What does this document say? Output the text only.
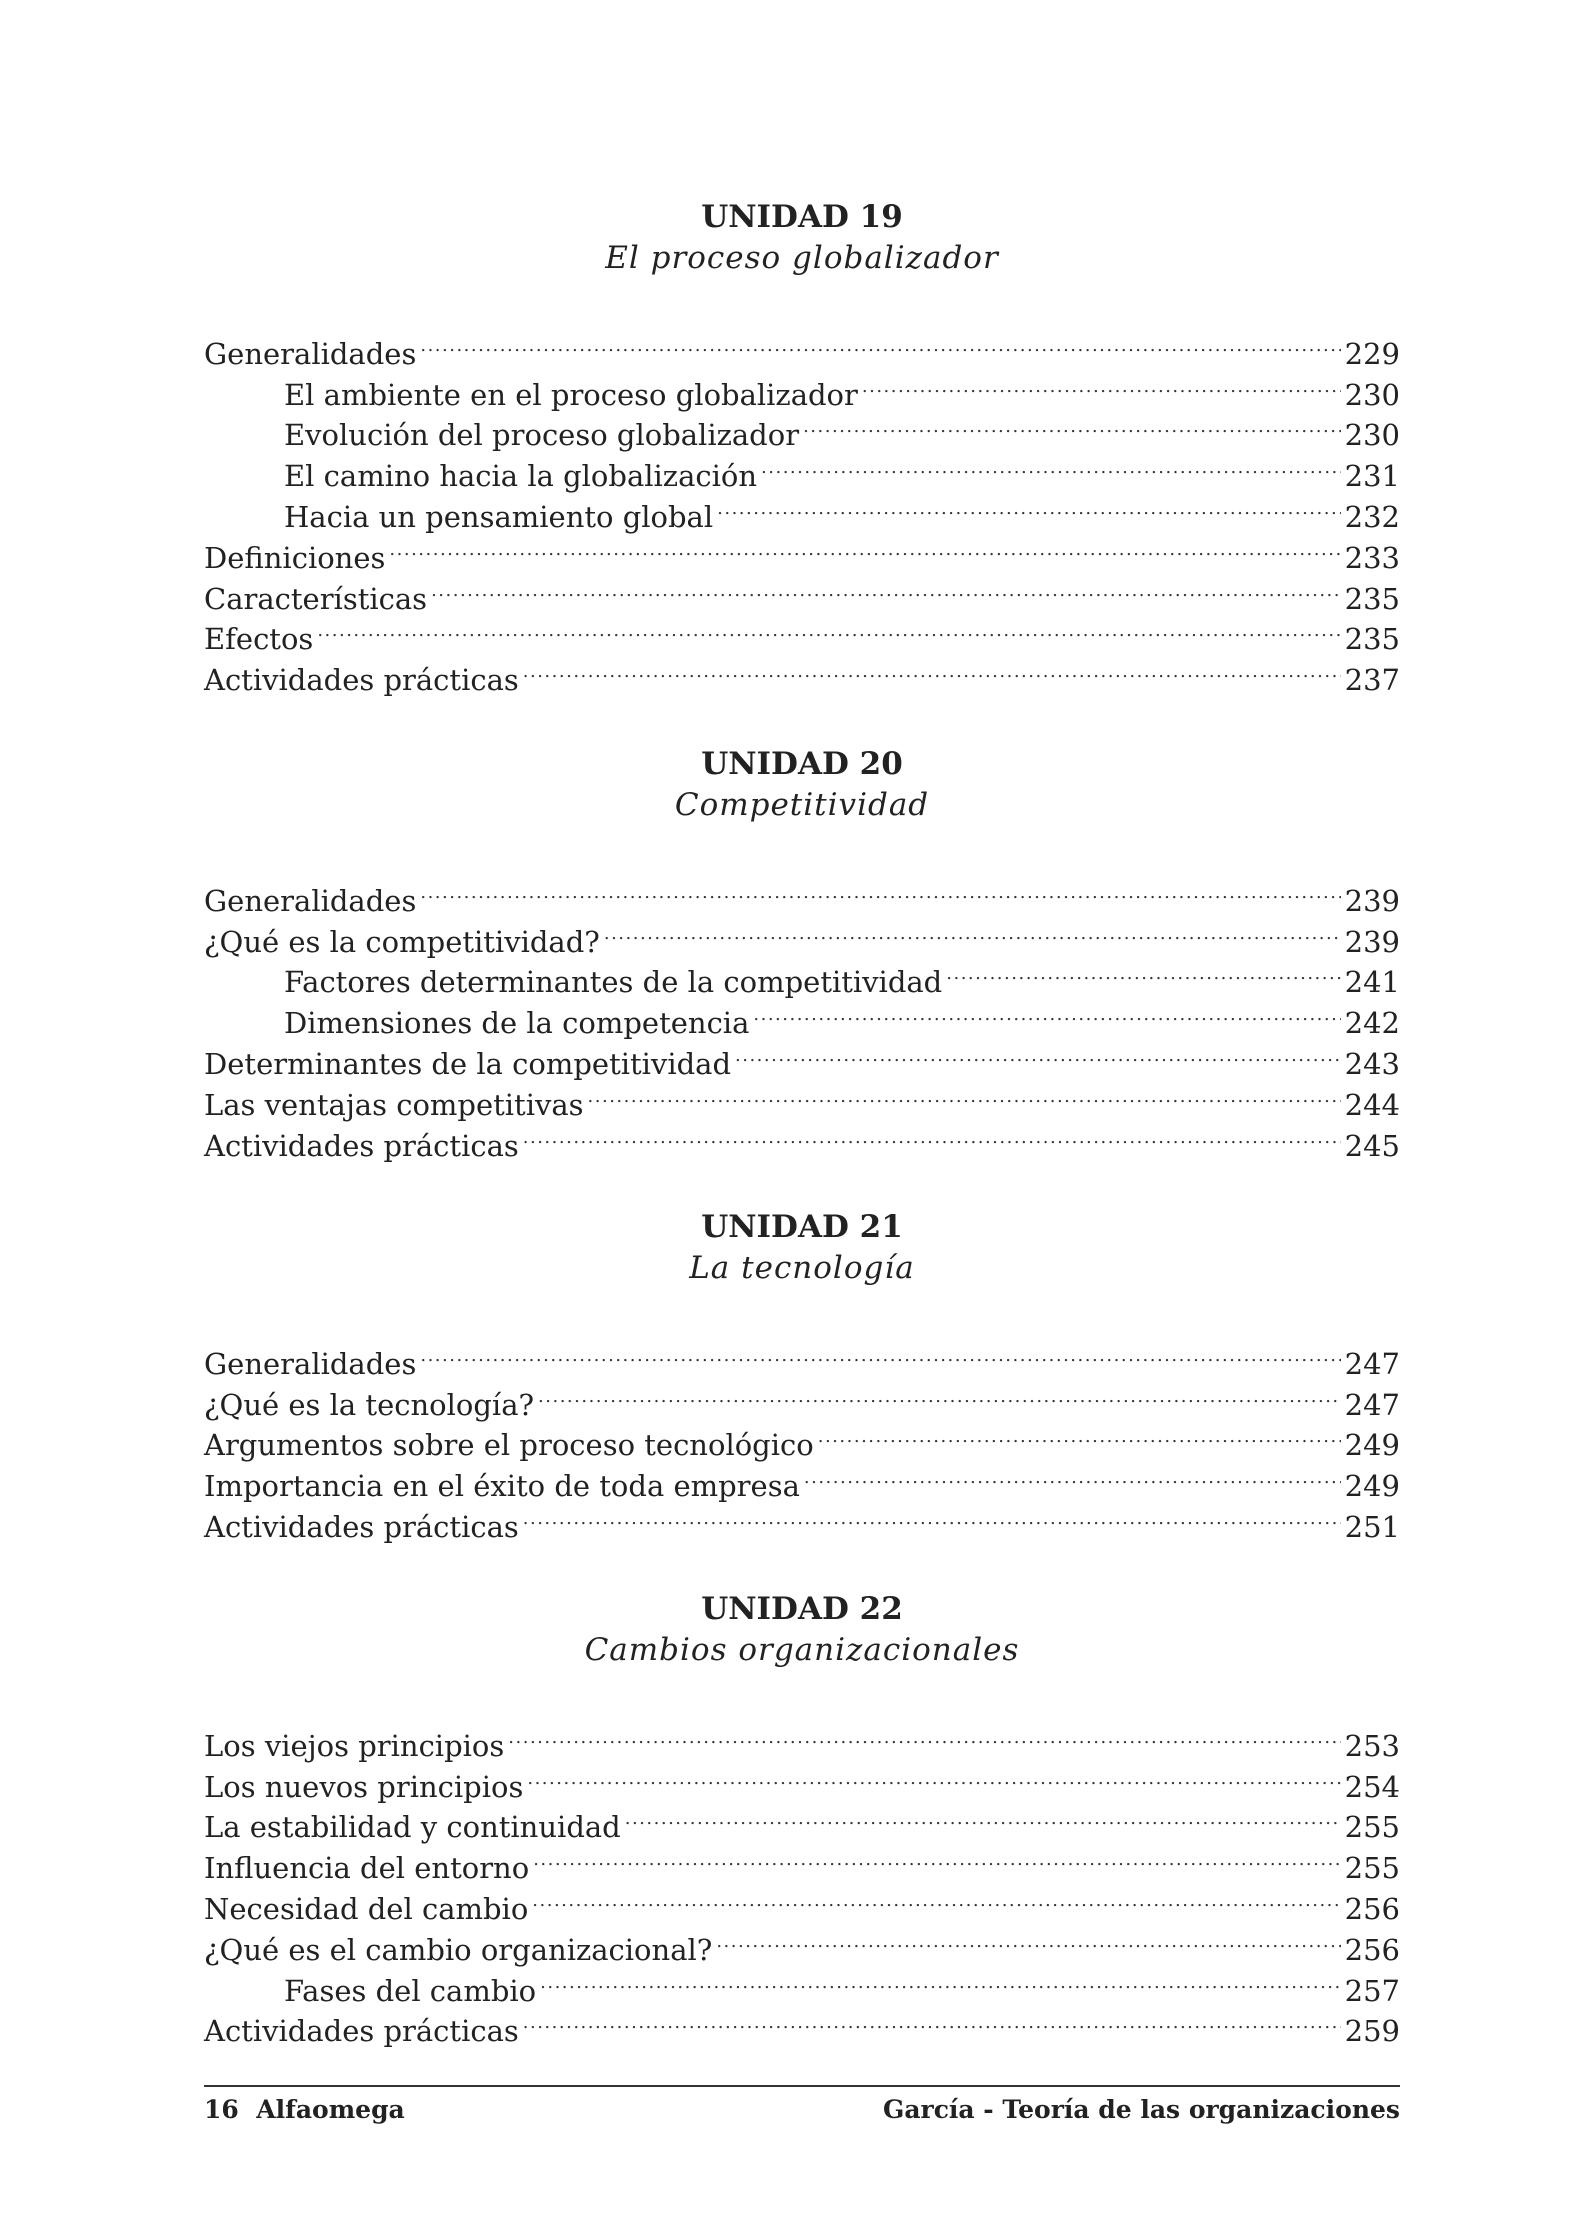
UNIDAD 19
El proceso globalizador
Generalidades .....	229
El ambiente en el proceso globalizador .....	230
Evolución del proceso globalizador .....	230
El camino hacia la globalización .....	231
Hacia un pensamiento global .....	232
Definiciones .....	233
Características .....	235
Efectos .....	235
Actividades prácticas .....	237
UNIDAD 20
Competitividad
Generalidades .....	239
¿Qué es la competitividad? .....	239
Factores determinantes de la competitividad .....	241
Dimensiones de la competencia .....	242
Determinantes de la competitividad .....	243
Las ventajas competitivas .....	244
Actividades prácticas .....	245
UNIDAD 21
La tecnología
Generalidades .....	247
¿Qué es la tecnología? .....	247
Argumentos sobre el proceso tecnológico .....	249
Importancia en el éxito de toda empresa .....	249
Actividades prácticas .....	251
UNIDAD 22
Cambios organizacionales
Los viejos principios .....	253
Los nuevos principios .....	254
La estabilidad y continuidad .....	255
Influencia del entorno .....	255
Necesidad del cambio .....	256
¿Qué es el cambio organizacional? .....	256
Fases del cambio .....	257
Actividades prácticas .....	259
16  Alfaomega	García - Teoría de las organizaciones
